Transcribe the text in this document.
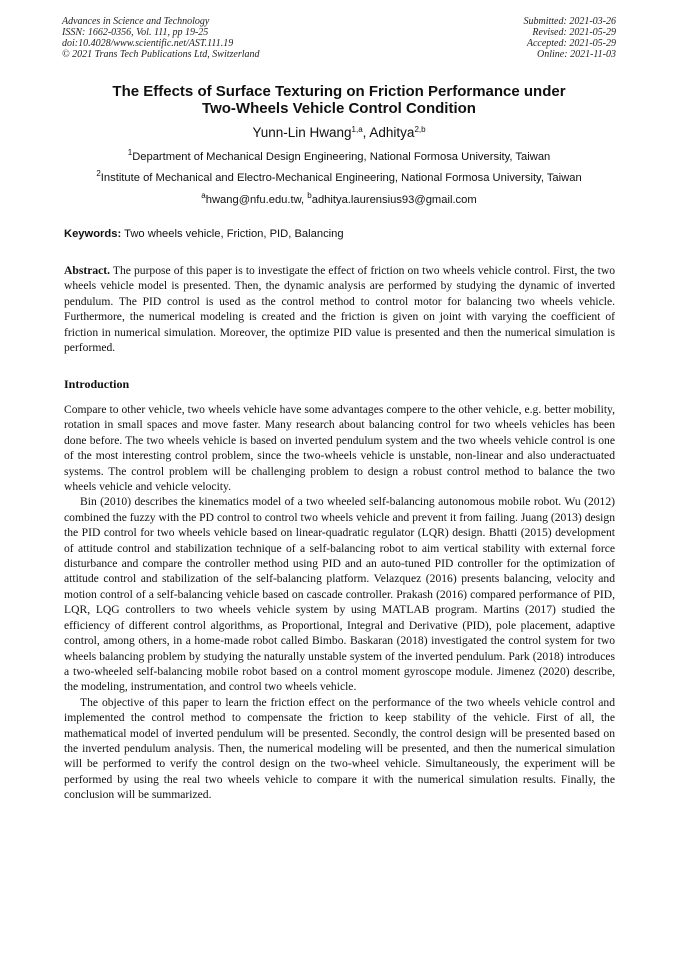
Advances in Science and Technology
ISSN: 1662-0356, Vol. 111, pp 19-25
doi:10.4028/www.scientific.net/AST.111.19
© 2021 Trans Tech Publications Ltd, Switzerland
Submitted: 2021-03-26
Revised: 2021-05-29
Accepted: 2021-05-29
Online: 2021-11-03
The Effects of Surface Texturing on Friction Performance under
Two-Wheels Vehicle Control Condition
Yunn-Lin Hwang$^{1,a}$, Adhitya$^{2,b}$
$^1$Department of Mechanical Design Engineering, National Formosa University, Taiwan
$^2$Institute of Mechanical and Electro-Mechanical Engineering, National Formosa University, Taiwan
$^a$hwang@nfu.edu.tw, $^b$adhitya.laurensius93@gmail.com
Keywords: Two wheels vehicle, Friction, PID, Balancing
Abstract. The purpose of this paper is to investigate the effect of friction on two wheels vehicle control. First, the two wheels vehicle model is presented. Then, the dynamic analysis are performed by studying the dynamic of inverted pendulum. The PID control is used as the control method to control motor for balancing two wheels vehicle. Furthermore, the numerical modeling is created and the friction is given on joint with varying the coefficient of friction in numerical simulation. Moreover, the optimize PID value is presented and then the numerical simulation is performed.
Introduction

Compare to other vehicle, two wheels vehicle have some advantages compere to the other vehicle, e.g. better mobility, rotation in small spaces and move faster. Many research about balancing control for two wheels vehicles has been done before. The two wheels vehicle is based on inverted pendulum system and the two wheels vehicle control is one of the most interesting control problem, since the two-wheels vehicle is unstable, non-linear and also underactuated systems. The control problem will be challenging problem to design a robust control method to balance the two wheels vehicle and vehicle velocity.

Bin (2010) describes the kinematics model of a two wheeled self-balancing autonomous mobile robot. Wu (2012) combined the fuzzy with the PD control to control two wheels vehicle and prevent it from failing. Juang (2013) design the PID control for two wheels vehicle based on linear-quadratic regulator (LQR) design. Bhatti (2015) development of attitude control and stabilization technique of a self-balancing robot to aim vertical stability with external force disturbance and compare the controller method using PID and an auto-tuned PID controller for the optimization of attitude control and stabilization of the self-balancing platform. Velazquez (2016) presents balancing, velocity and motion control of a self-balancing vehicle based on cascade controller. Prakash (2016) compared performance of PID, LQR, LQG controllers to two wheels vehicle system by using MATLAB program. Martins (2017) studied the efficiency of different control algorithms, as Proportional, Integral and Derivative (PID), pole placement, adaptive control, among others, in a home-made robot called Bimbo. Baskaran (2018) investigated the control system for two wheels balancing problem by studying the naturally unstable system of the inverted pendulum. Park (2018) introduces a two-wheeled self-balancing mobile robot based on a control moment gyroscope module. Jimenez (2020) describe, the modeling, instrumentation, and control two wheels vehicle.

The objective of this paper to learn the friction effect on the performance of the two wheels vehicle control and implemented the control method to compensate the friction to keep stability of the vehicle. First of all, the mathematical model of inverted pendulum will be presented. Secondly, the control design will be presented based on the inverted pendulum analysis. Then, the numerical modeling will be presented, and then the numerical simulation will be performed to verify the control design on the two-wheel vehicle. Simultaneously, the experiment will be performed by using the real two wheels vehicle to compare it with the numerical simulation results. Finally, the conclusion will be summarized.
